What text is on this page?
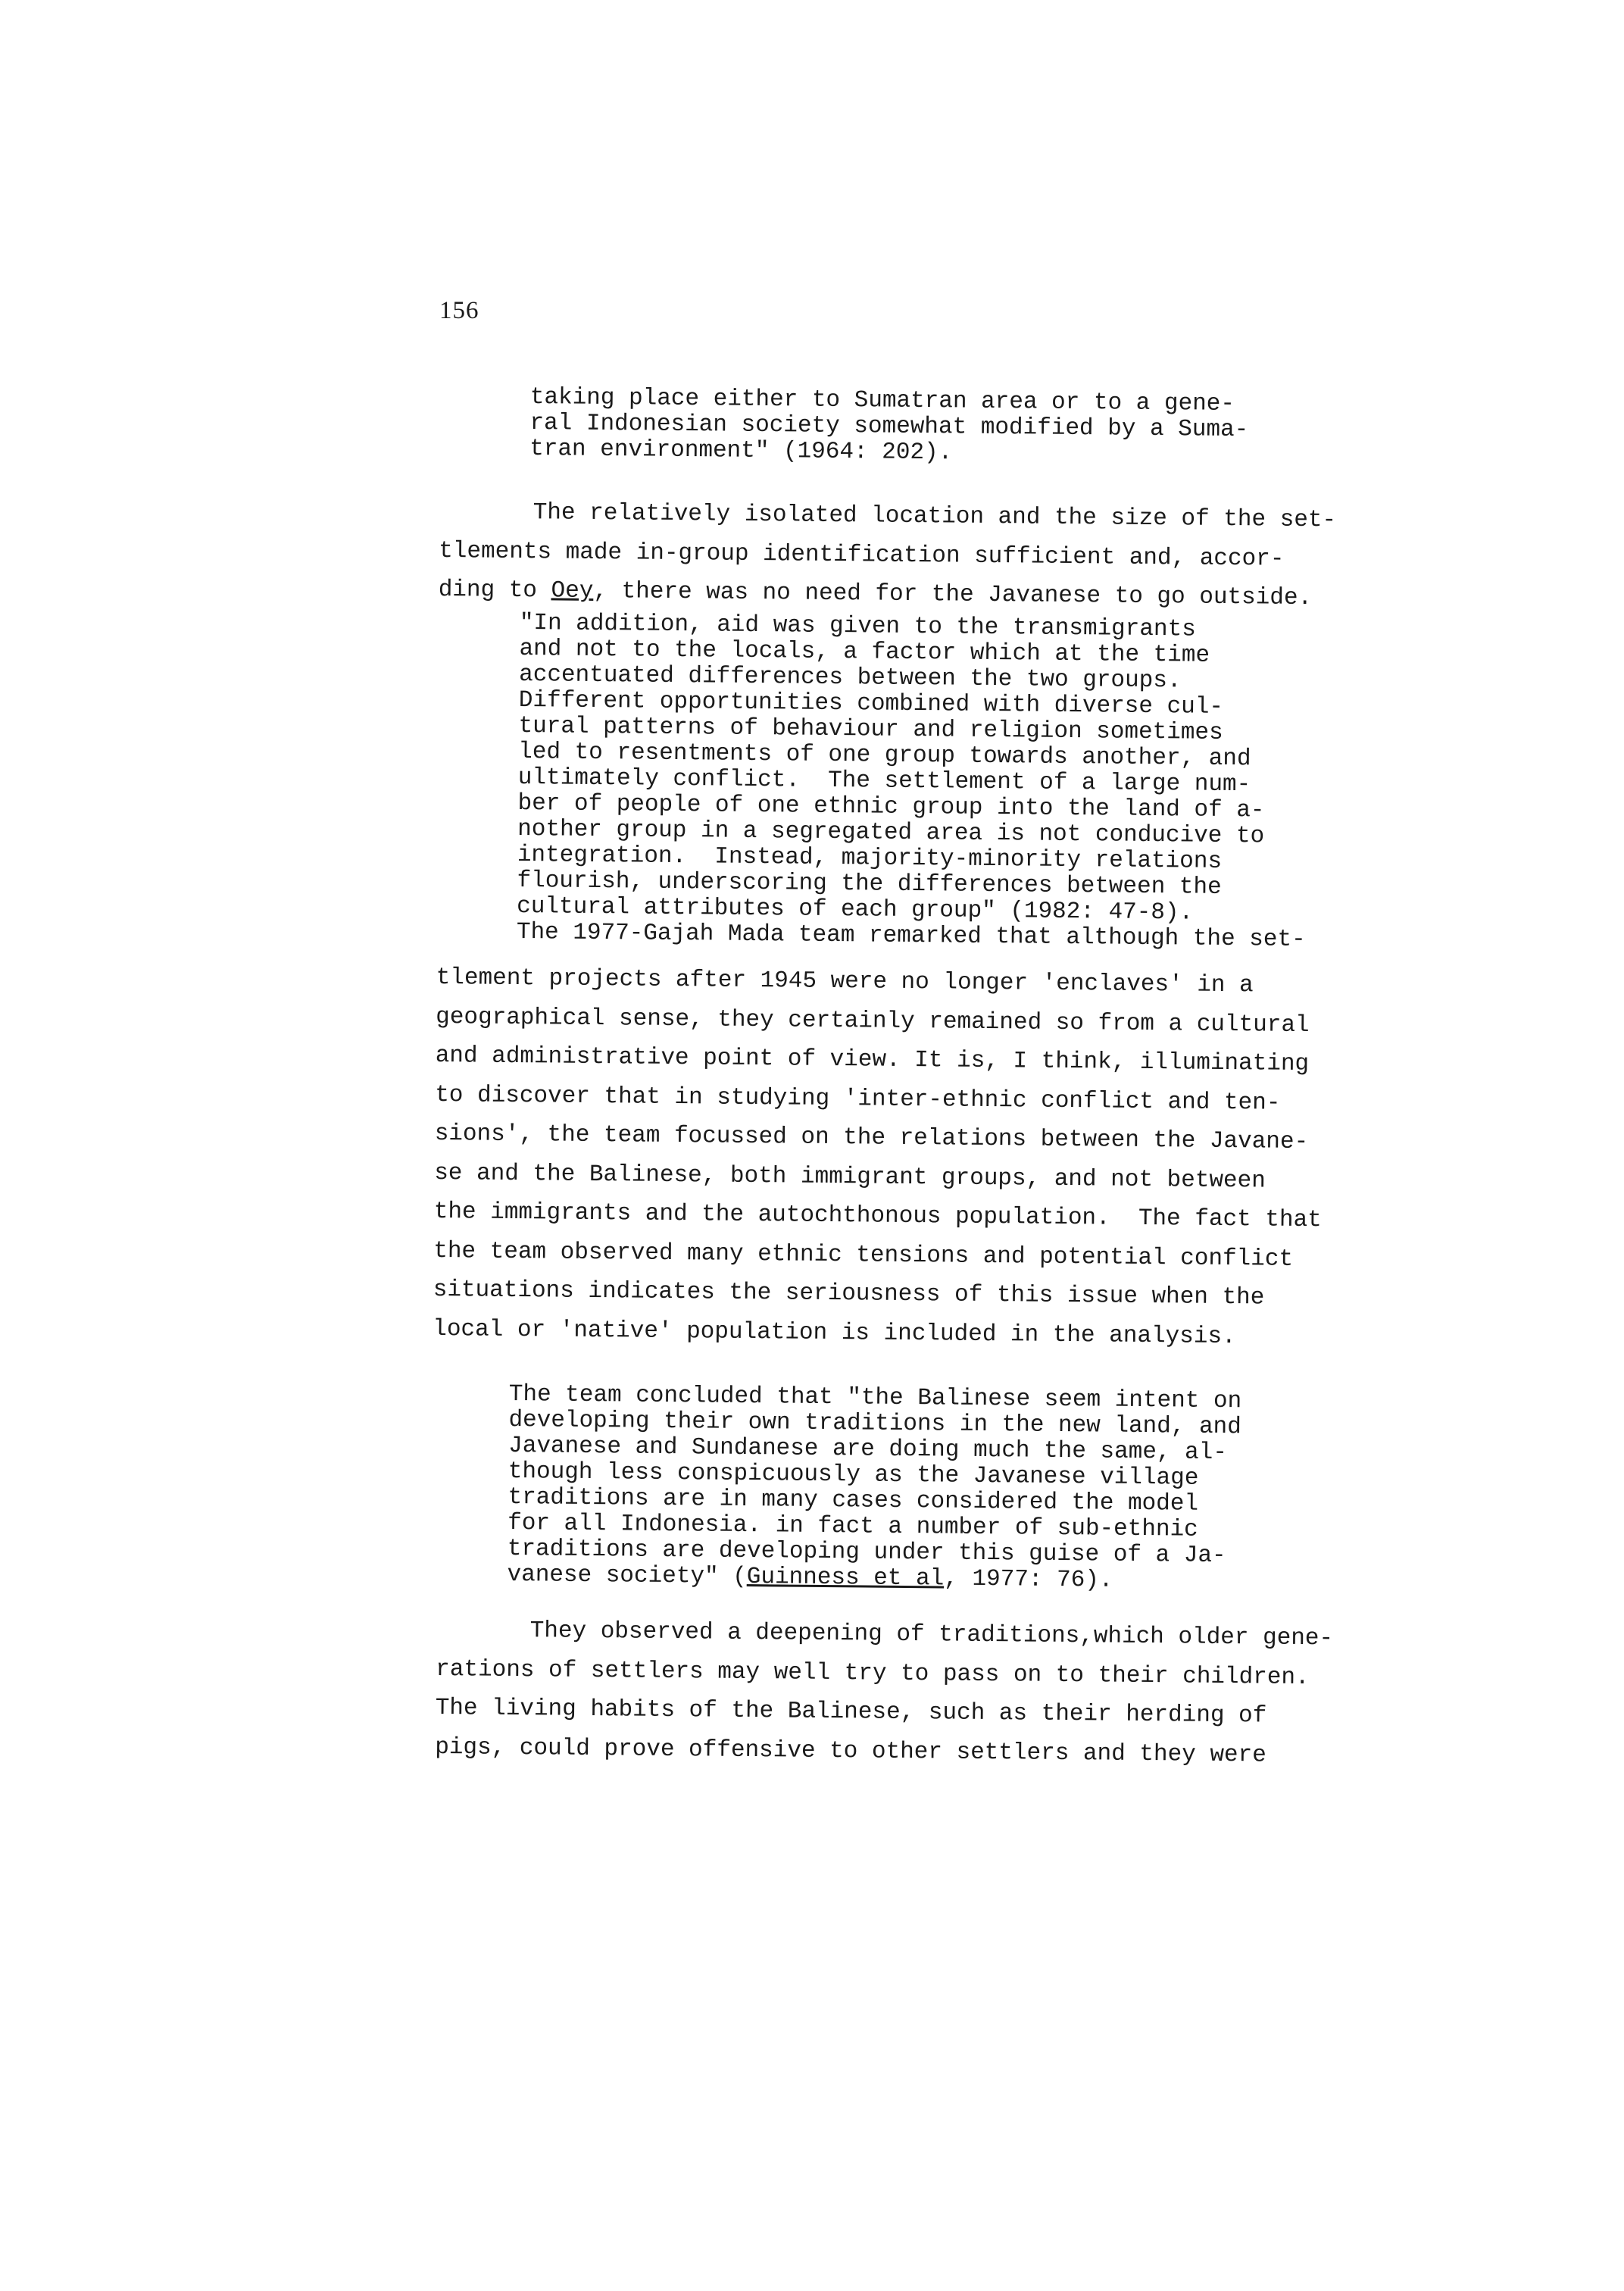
156
taking place either to Sumatran area or to a gene-
ral Indonesian society somewhat modified by a Suma-
tran environment" (1964: 202).
The relatively isolated location and the size of the set-
tlements made in-group identification sufficient and, accor-
ding to Oey, there was no need for the Javanese to go outside.
"In addition, aid was given to the transmigrants
and not to the locals, a factor which at the time
accentuated differences between the two groups.
Different opportunities combined with diverse cul-
tural patterns of behaviour and religion sometimes
led to resentments of one group towards another, and
ultimately conflict.  The settlement of a large num-
ber of people of one ethnic group into the land of a-
nother group in a segregated area is not conducive to
integration.  Instead, majority-minority relations
flourish, underscoring the differences between the
cultural attributes of each group" (1982: 47-8).
The 1977-Gajah Mada team remarked that although the set-
tlement projects after 1945 were no longer 'enclaves' in a
geographical sense, they certainly remained so from a cultural
and administrative point of view. It is, I think, illuminating
to discover that in studying 'inter-ethnic conflict and ten-
sions', the team focussed on the relations between the Javane-
se and the Balinese, both immigrant groups, and not between
the immigrants and the autochthonous population.  The fact that
the team observed many ethnic tensions and potential conflict
situations indicates the seriousness of this issue when the
local or 'native' population is included in the analysis.
The team concluded that "the Balinese seem intent on
developing their own traditions in the new land, and
Javanese and Sundanese are doing much the same, al-
though less conspicuously as the Javanese village
traditions are in many cases considered the model
for all Indonesia. in fact a number of sub-ethnic
traditions are developing under this guise of a Ja-
vanese society" (Guinness et al, 1977: 76).
They observed a deepening of traditions,which older gene-
rations of settlers may well try to pass on to their children.
The living habits of the Balinese, such as their herding of
pigs, could prove offensive to other settlers and they were
